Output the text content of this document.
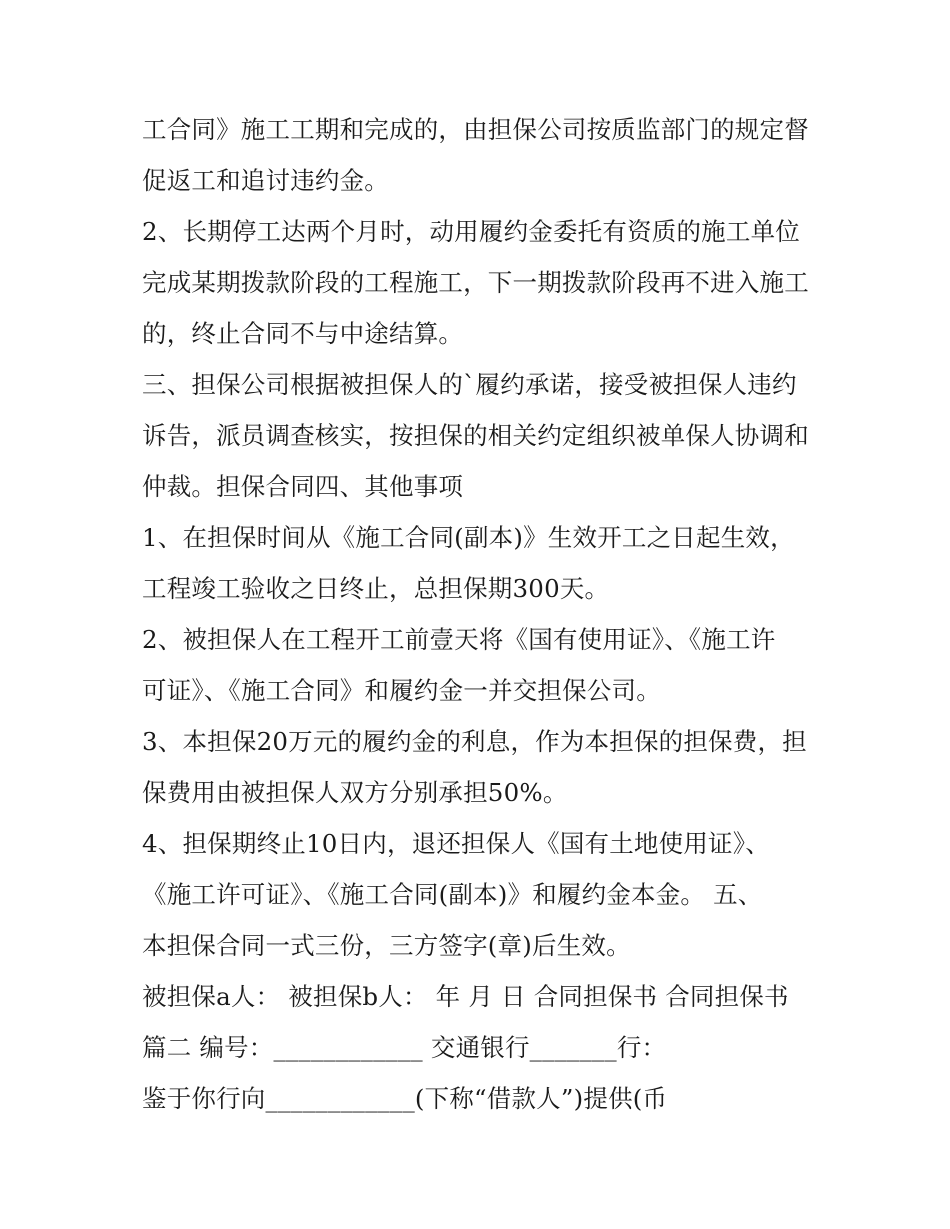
工合同》施工工期和完成的，由担保公司按质监部门的规定督
促返工和追讨违约金。
2、长期停工达两个月时，动用履约金委托有资质的施工单位
完成某期拨款阶段的工程施工，下一期拨款阶段再不进入施工
的，终止合同不与中途结算。
三、担保公司根据被担保人的`履约承诺，接受被担保人违约
诉告，派员调查核实，按担保的相关约定组织被单保人协调和
仲裁。担保合同四、其他事项
1、在担保时间从《施工合同(副本)》生效开工之日起生效，
工程竣工验收之日终止，总担保期300天。
2、被担保人在工程开工前壹天将《国有使用证》、《施工许
可证》、《施工合同》和履约金一并交担保公司。
3、本担保20万元的履约金的利息，作为本担保的担保费，担
保费用由被担保人双方分别承担50%。
4、担保期终止10日内，退还担保人《国有土地使用证》、
《施工许可证》、《施工合同(副本)》和履约金本金。 五、
本担保合同一式三份，三方签字(章)后生效。
被担保a人： 被担保b人： 年 月 日 合同担保书 合同担保书
篇二 编号：____________ 交通银行_______行：
鉴于你行向____________(下称“借款人”)提供(币
